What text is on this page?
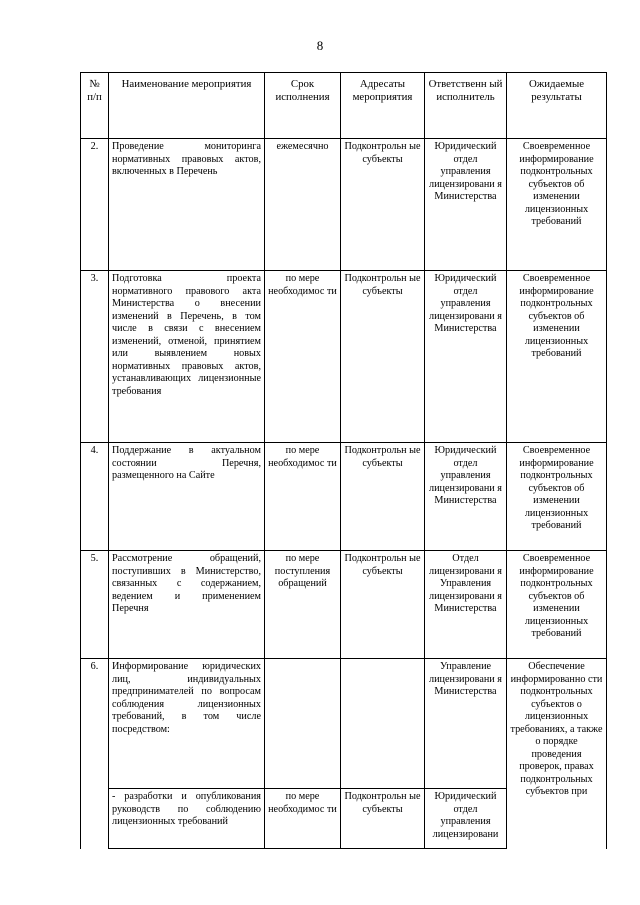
8
№ п/п	Наименование мероприятия	Срок исполнения	Адресаты мероприятия	Ответственн ый исполнитель	Ожидаемые результаты
2.	Проведение мониторинга нормативных правовых актов, включенных в Перечень	ежемесячно	Подконтрольн ые субъекты	Юридический отдел управления лицензировани я Министерства	Своевременное информирование подконтрольных субъектов об изменении лицензионных требований
3.	Подготовка проекта нормативного правового акта Министерства о внесении изменений в Перечень, в том числе в связи с внесением изменений, отменой, принятием или выявлением новых нормативных правовых актов, устанавливающих лицензионные требования	по мере необходимос ти	Подконтрольн ые субъекты	Юридический отдел управления лицензировани я Министерства	Своевременное информирование подконтрольных субъектов об изменении лицензионных требований
4.	Поддержание в актуальном состоянии Перечня, размещенного на Сайте	по мере необходимос ти	Подконтрольн ые субъекты	Юридический отдел управления лицензировани я Министерства	Своевременное информирование подконтрольных субъектов об изменении лицензионных требований
5.	Рассмотрение обращений, поступивших в Министерство, связанных с содержанием, ведением и применением Перечня	по мере поступления обращений	Подконтрольн ые субъекты	Отдел лицензировани я Управления лицензировани я Министерства	Своевременное информирование подконтрольных субъектов об изменении лицензионных требований
6.	Информирование юридических лиц, индивидуальных предпринимателей по вопросам соблюдения лицензионных требований, в том числе посредством:			Управление лицензировани я Министерства	Обеспечение информированно сти подконтрольных субъектов о лицензионных требованиях, а также о порядке проведения проверок, правах подконтрольных субъектов при
	- разработки и опубликования руководств по соблюдению лицензионных требований	по мере необходимос ти	Подконтрольн ые субъекты	Юридический отдел управления лицензировани	
